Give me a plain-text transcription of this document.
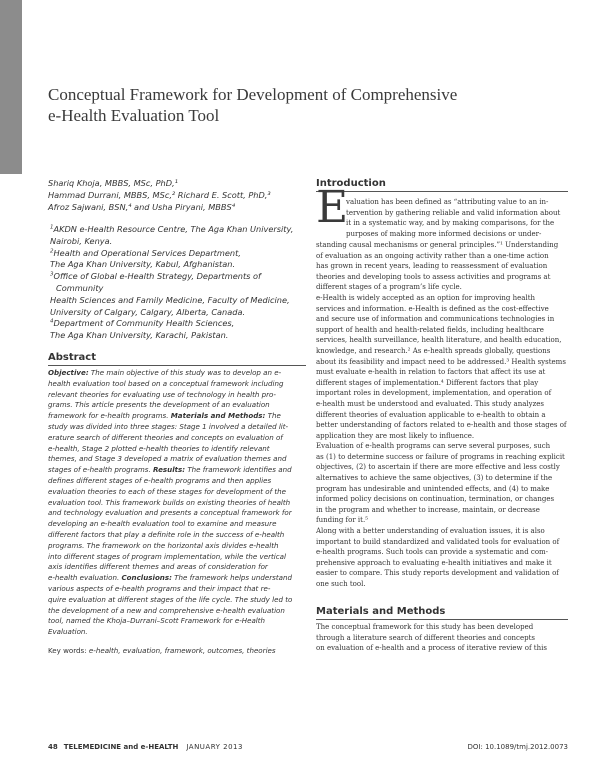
Conceptual Framework for Development of Comprehensive
e-Health Evaluation Tool
Shariq Khoja, MBBS, MSc, PhD,¹
Hammad Durrani, MBBS, MSc,² Richard E. Scott, PhD,³
Afroz Sajwani, BSN,⁴ and Usha Piryani, MBBS⁴
$^1$AKDN e-Health Resource Centre, The Aga Khan University,
Nairobi, Kenya.
$^2$Health and Operational Services Department,
The Aga Khan University, Kabul, Afghanistan.
$^3$Office of Global e-Health Strategy, Departments of Community
Health Sciences and Family Medicine, Faculty of Medicine,
University of Calgary, Calgary, Alberta, Canada.
$^4$Department of Community Health Sciences,
The Aga Khan University, Karachi, Pakistan.
Abstract
Objective: The main objective of this study was to develop an e-
health evaluation tool based on a conceptual framework including
relevant theories for evaluating use of technology in health pro-
grams. This article presents the development of an evaluation
framework for e-health programs. Materials and Methods: The
study was divided into three stages: Stage 1 involved a detailed lit-
erature search of different theories and concepts on evaluation of
e-health, Stage 2 plotted e-health theories to identify relevant
themes, and Stage 3 developed a matrix of evaluation themes and
stages of e-health programs. Results: The framework identifies and
defines different stages of e-health programs and then applies
evaluation theories to each of these stages for development of the
evaluation tool. This framework builds on existing theories of health
and technology evaluation and presents a conceptual framework for
developing an e-health evaluation tool to examine and measure
different factors that play a definite role in the success of e-health
programs. The framework on the horizontal axis divides e-health
into different stages of program implementation, while the vertical
axis identifies different themes and areas of consideration for
e-health evaluation. Conclusions: The framework helps understand
various aspects of e-health programs and their impact that re-
quire evaluation at different stages of the life cycle. The study led to
the development of a new and comprehensive e-health evaluation
tool, named the Khoja–Durrani–Scott Framework for e-Health
Evaluation.

Key words: e-health, evaluation, framework, outcomes, theories

Introduction
E
valuation has been defined as “attributing value to an in-
tervention by gathering reliable and valid information about
it in a systematic way, and by making comparisons, for the
purposes of making more informed decisions or under-
standing causal mechanisms or general principles.”¹ Understanding
of evaluation as an ongoing activity rather than a one-time action
has grown in recent years, leading to reassessment of evaluation
theories and developing tools to assess activities and programs at
different stages of a program’s life cycle.
e-Health is widely accepted as an option for improving health
services and information. e-Health is defined as the cost-effective
and secure use of information and communications technologies in
support of health and health-related fields, including healthcare
services, health surveillance, health literature, and health education,
knowledge, and research.² As e-health spreads globally, questions
about its feasibility and impact need to be addressed.³ Health systems
must evaluate e-health in relation to factors that affect its use at
different stages of implementation.⁴ Different factors that play
important roles in development, implementation, and operation of
e-health must be understood and evaluated. This study analyzes
different theories of evaluation applicable to e-health to obtain a
better understanding of factors related to e-health and those stages of
application they are most likely to influence.
Evaluation of e-health programs can serve several purposes, such
as (1) to determine success or failure of programs in reaching explicit
objectives, (2) to ascertain if there are more effective and less costly
alternatives to achieve the same objectives, (3) to determine if the
program has undesirable and unintended effects, and (4) to make
informed policy decisions on continuation, termination, or changes
in the program and whether to increase, maintain, or decrease
funding for it.⁵
Along with a better understanding of evaluation issues, it is also
important to build standardized and validated tools for evaluation of
e-health programs. Such tools can provide a systematic and com-
prehensive approach to evaluating e-health initiatives and make it
easier to compare. This study reports development and validation of
one such tool.
Materials and Methods
The conceptual framework for this study has been developed
through a literature search of different theories and concepts
on evaluation of e-health and a process of iterative review of this
48 TELEMEDICINE and e-HEALTH JANUARY 2013	DOI: 10.1089/tmj.2012.0073
